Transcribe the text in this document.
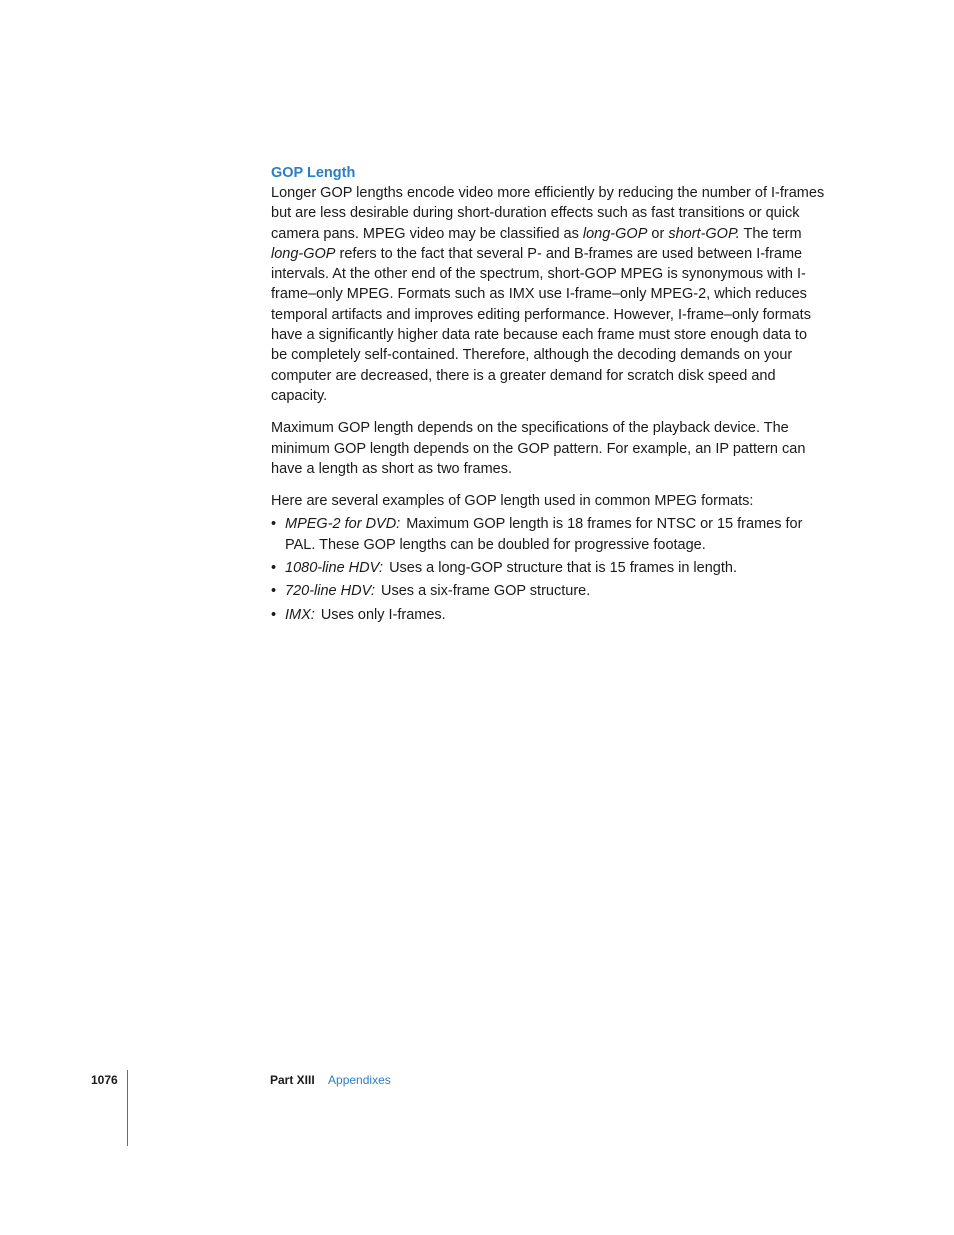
GOP Length

Longer GOP lengths encode video more efficiently by reducing the number of I-frames but are less desirable during short-duration effects such as fast transitions or quick camera pans. MPEG video may be classified as long-GOP or short-GOP. The term long-GOP refers to the fact that several P- and B-frames are used between I-frame intervals. At the other end of the spectrum, short-GOP MPEG is synonymous with I-frame–only MPEG. Formats such as IMX use I-frame–only MPEG-2, which reduces temporal artifacts and improves editing performance. However, I-frame–only formats have a significantly higher data rate because each frame must store enough data to be completely self-contained. Therefore, although the decoding demands on your computer are decreased, there is a greater demand for scratch disk speed and capacity.

Maximum GOP length depends on the specifications of the playback device. The minimum GOP length depends on the GOP pattern. For example, an IP pattern can have a length as short as two frames.

Here are several examples of GOP length used in common MPEG formats:

• MPEG-2 for DVD: Maximum GOP length is 18 frames for NTSC or 15 frames for PAL. These GOP lengths can be doubled for progressive footage.
• 1080-line HDV: Uses a long-GOP structure that is 15 frames in length.
• 720-line HDV: Uses a six-frame GOP structure.
• IMX: Uses only I-frames.
1076	Part XIII Appendixes
